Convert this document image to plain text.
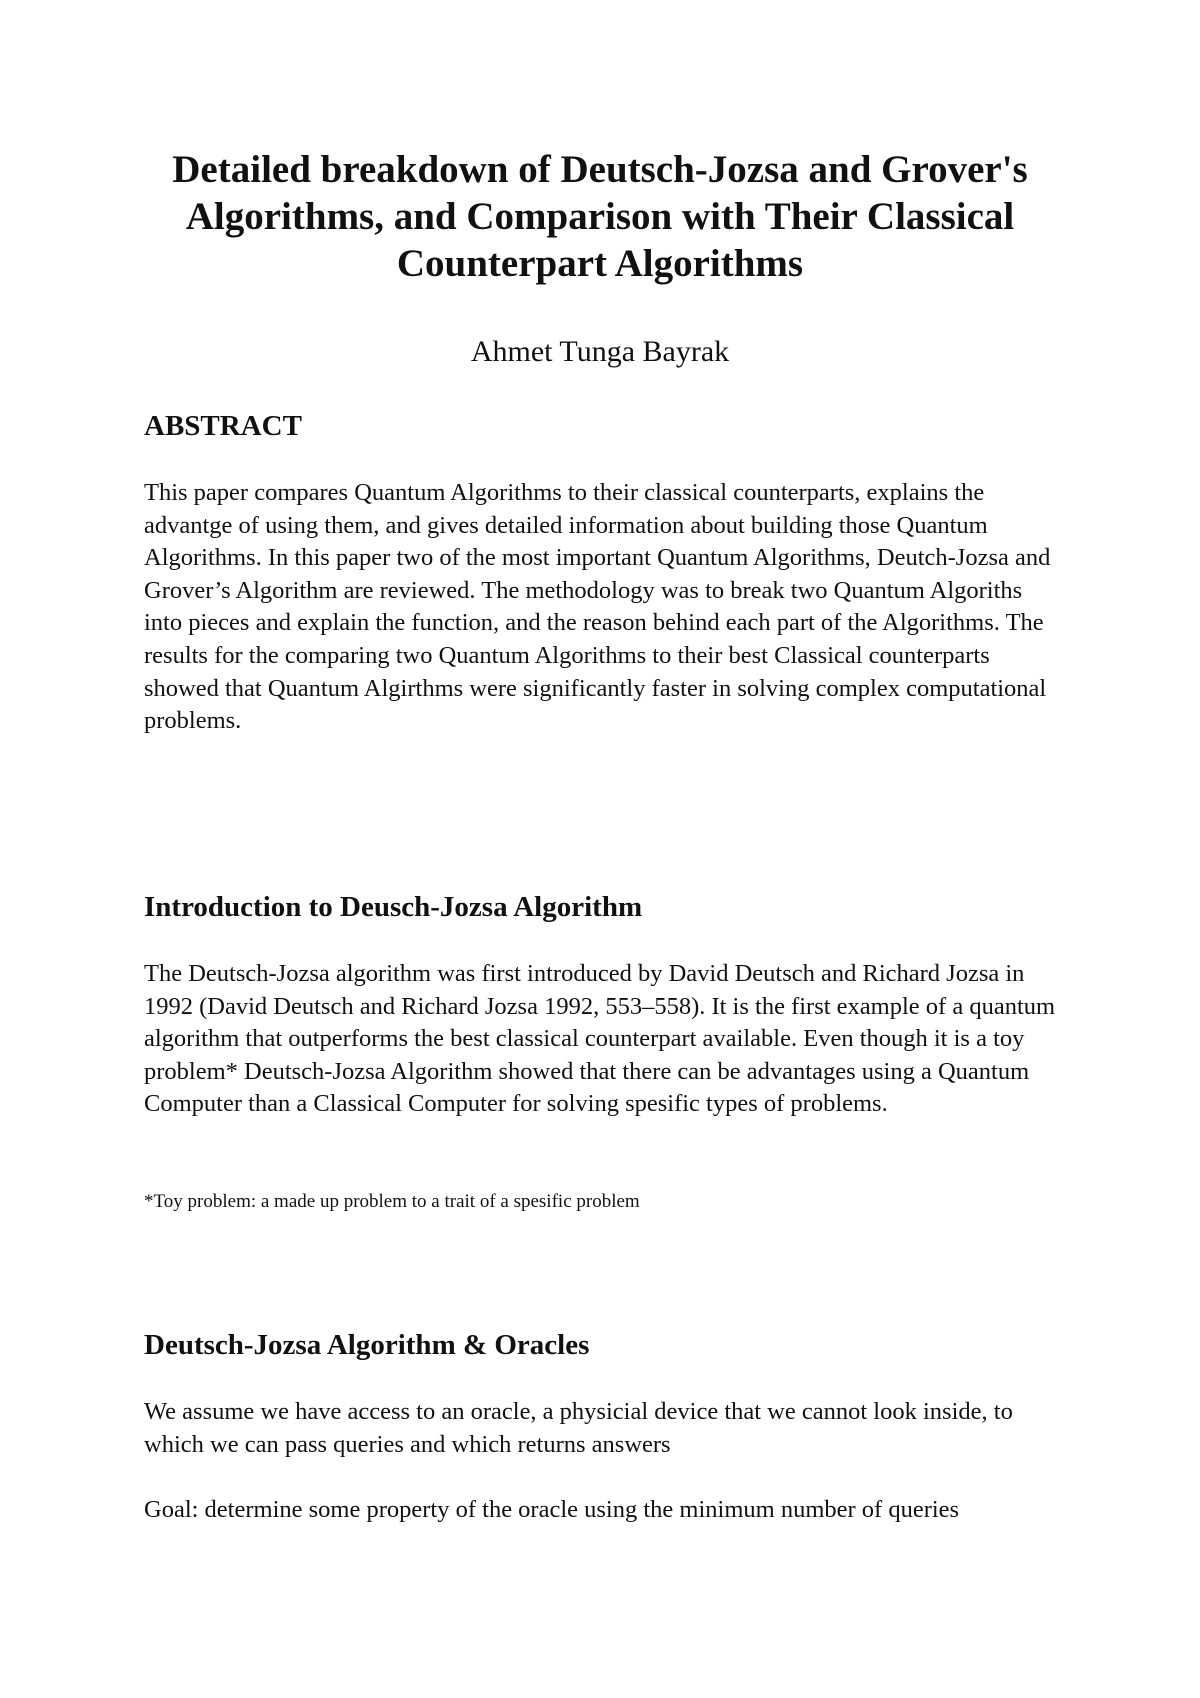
Detailed breakdown of Deutsch-Jozsa and Grover's Algorithms, and Comparison with Their Classical Counterpart Algorithms

Ahmet Tunga Bayrak

ABSTRACT

This paper compares Quantum Algorithms to their classical counterparts, explains the advantge of using them, and gives detailed information about building those Quantum Algorithms. In this paper two of the most important Quantum Algorithms, Deutch-Jozsa and Grover’s Algorithm are reviewed. The methodology was to break two Quantum Algoriths into pieces and explain the function, and the reason behind each part of the Algorithms. The results for the comparing two Quantum Algorithms to their best Classical counterparts showed that Quantum Algirthms were significantly faster in solving complex computational problems.

Introduction to Deusch-Jozsa Algorithm

The Deutsch-Jozsa algorithm was first introduced by David Deutsch and Richard Jozsa in 1992 (David Deutsch and Richard Jozsa 1992, 553–558). It is the first example of a quantum algorithm that outperforms the best classical counterpart available. Even though it is a toy problem* Deutsch-Jozsa Algorithm showed that there can be advantages using a Quantum Computer than a Classical Computer for solving spesific types of problems.

*Toy problem: a made up problem to a trait of a spesific problem

Deutsch-Jozsa Algorithm & Oracles

We assume we have access to an oracle, a physicial device that we cannot look inside, to which we can pass queries and which returns answers

Goal: determine some property of the oracle using the minimum number of queries
